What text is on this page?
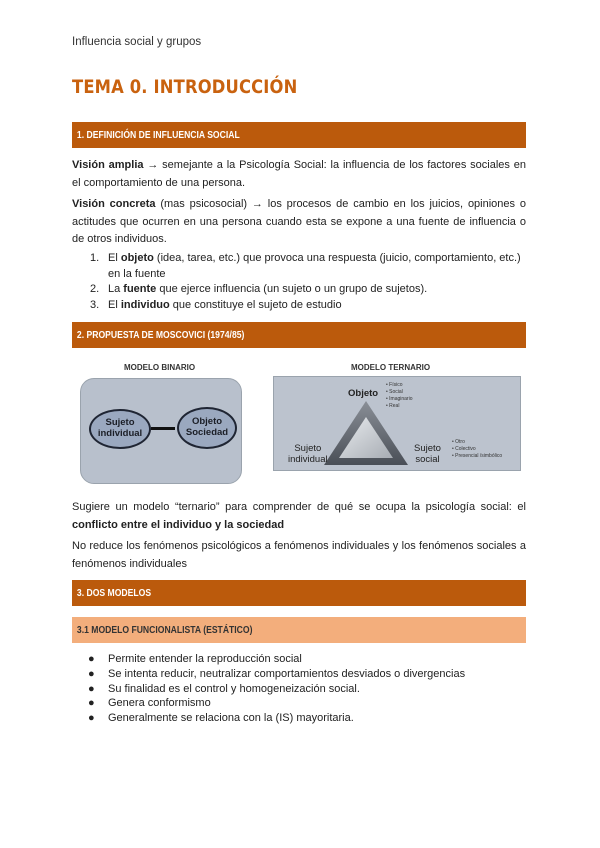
Influencia social y grupos
TEMA 0. INTRODUCCIÓN
1. DEFINICIÓN DE INFLUENCIA SOCIAL
Visión amplia → semejante a la Psicología Social: la influencia de los factores sociales en el comportamiento de una persona.
Visión concreta (mas psicosocial) → los procesos de cambio en los juicios, opiniones o actitudes que ocurren en una persona cuando esta se expone a una fuente de influencia o de otros individuos.
1. El objeto (idea, tarea, etc.) que provoca una respuesta (juicio, comportamiento, etc.) en la fuente
2. La fuente que ejerce influencia (un sujeto o un grupo de sujetos).
3. El individuo que constituye el sujeto de estudio
2. PROPUESTA DE MOSCOVICI (1974/85)
MODELO BINARIO
Sujeto
individual
Objeto
Sociedad
MODELO TERNARIO
Objeto
• Físico
• Social
• Imaginario
• Real
Sujeto
individual
Sujeto
social
• Otro
• Colectivo
• Presencial /simbólico
Sugiere un modelo “ternario” para comprender de qué se ocupa la psicología social: el conflicto entre el individuo y la sociedad
No reduce los fenómenos psicológicos a fenómenos individuales y los fenómenos sociales a fenómenos individuales
3. DOS MODELOS
3.1 MODELO FUNCIONALISTA (ESTÁTICO)
● Permite entender la reproducción social
● Se intenta reducir, neutralizar comportamientos desviados o divergencias
● Su finalidad es el control y homogeneización social.
● Genera conformismo
● Generalmente se relaciona con la (IS) mayoritaria.
